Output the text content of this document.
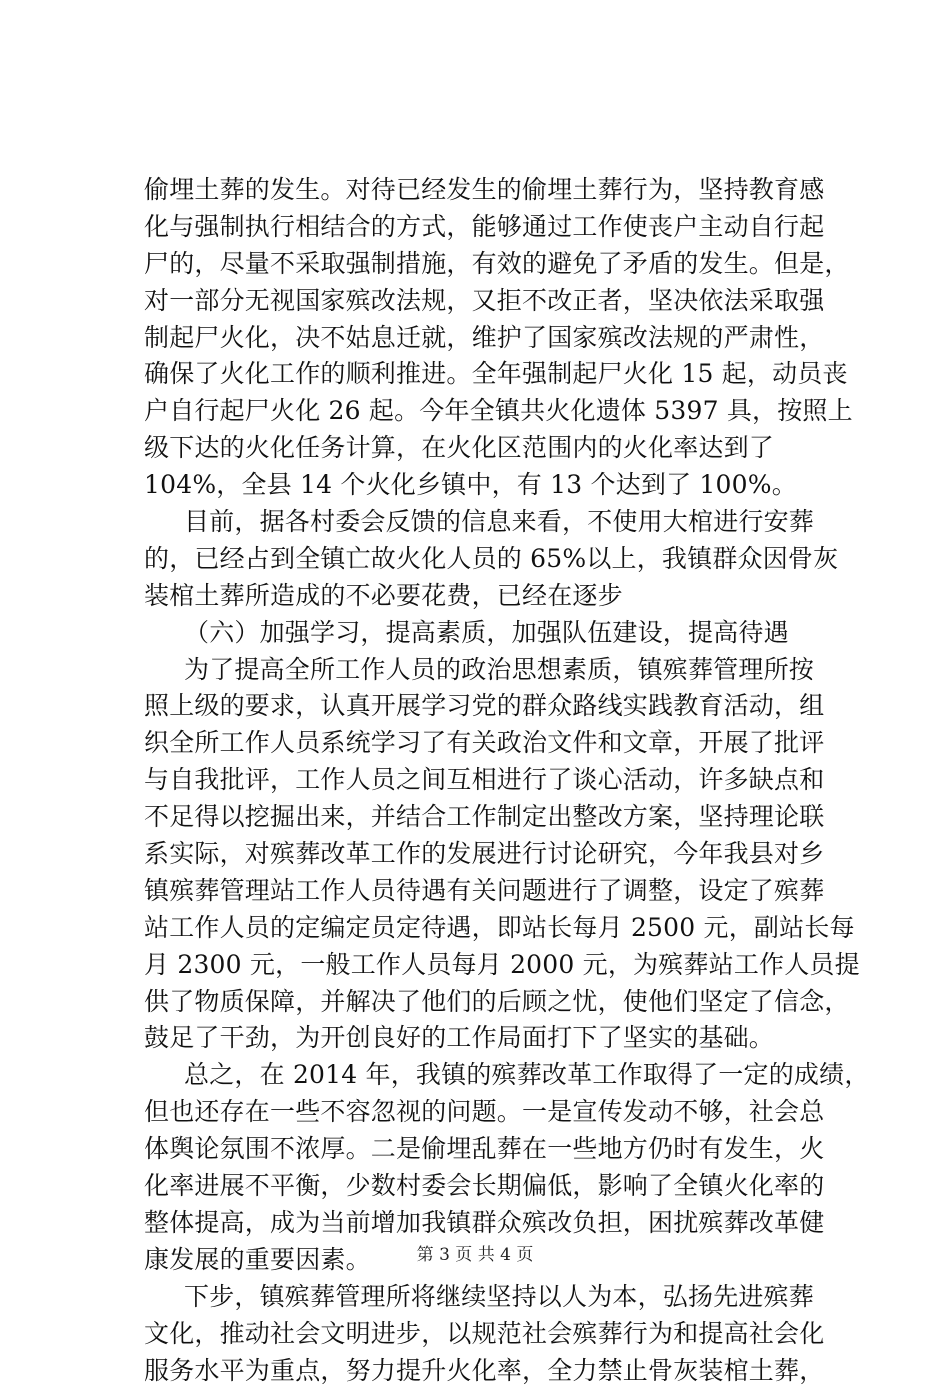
偷埋土葬的发生。对待已经发生的偷埋土葬行为，坚持教育感
化与强制执行相结合的方式，能够通过工作使丧户主动自行起
尸的，尽量不采取强制措施，有效的避免了矛盾的发生。但是，
对一部分无视国家殡改法规，又拒不改正者，坚决依法采取强
制起尸火化，决不姑息迁就，维护了国家殡改法规的严肃性，
确保了火化工作的顺利推进。全年强制起尸火化 15 起，动员丧
户自行起尸火化 26 起。今年全镇共火化遗体 5397 具，按照上
级下达的火化任务计算，在火化区范围内的火化率达到了
104%，全县 14 个火化乡镇中，有 13 个达到了 100%。
目前，据各村委会反馈的信息来看，不使用大棺进行安葬
的，已经占到全镇亡故火化人员的 65%以上，我镇群众因骨灰
装棺土葬所造成的不必要花费，已经在逐步
（六）加强学习，提高素质，加强队伍建设，提高待遇
为了提高全所工作人员的政治思想素质，镇殡葬管理所按
照上级的要求，认真开展学习党的群众路线实践教育活动，组
织全所工作人员系统学习了有关政治文件和文章，开展了批评
与自我批评，工作人员之间互相进行了谈心活动，许多缺点和
不足得以挖掘出来，并结合工作制定出整改方案，坚持理论联
系实际，对殡葬改革工作的发展进行讨论研究，今年我县对乡
镇殡葬管理站工作人员待遇有关问题进行了调整，设定了殡葬
站工作人员的定编定员定待遇，即站长每月 2500 元，副站长每
月 2300 元，一般工作人员每月 2000 元，为殡葬站工作人员提
供了物质保障，并解决了他们的后顾之忧，使他们坚定了信念，
鼓足了干劲，为开创良好的工作局面打下了坚实的基础。
总之，在 2014 年，我镇的殡葬改革工作取得了一定的成绩，
但也还存在一些不容忽视的问题。一是宣传发动不够，社会总
体舆论氛围不浓厚。二是偷埋乱葬在一些地方仍时有发生，火
化率进展不平衡，少数村委会长期偏低，影响了全镇火化率的
整体提高，成为当前增加我镇群众殡改负担，困扰殡葬改革健
康发展的重要因素。
下步，镇殡葬管理所将继续坚持以人为本，弘扬先进殡葬
文化，推动社会文明进步，以规范社会殡葬行为和提高社会化
服务水平为重点，努力提升火化率，全力禁止骨灰装棺土葬，
第 3 页 共 4 页
